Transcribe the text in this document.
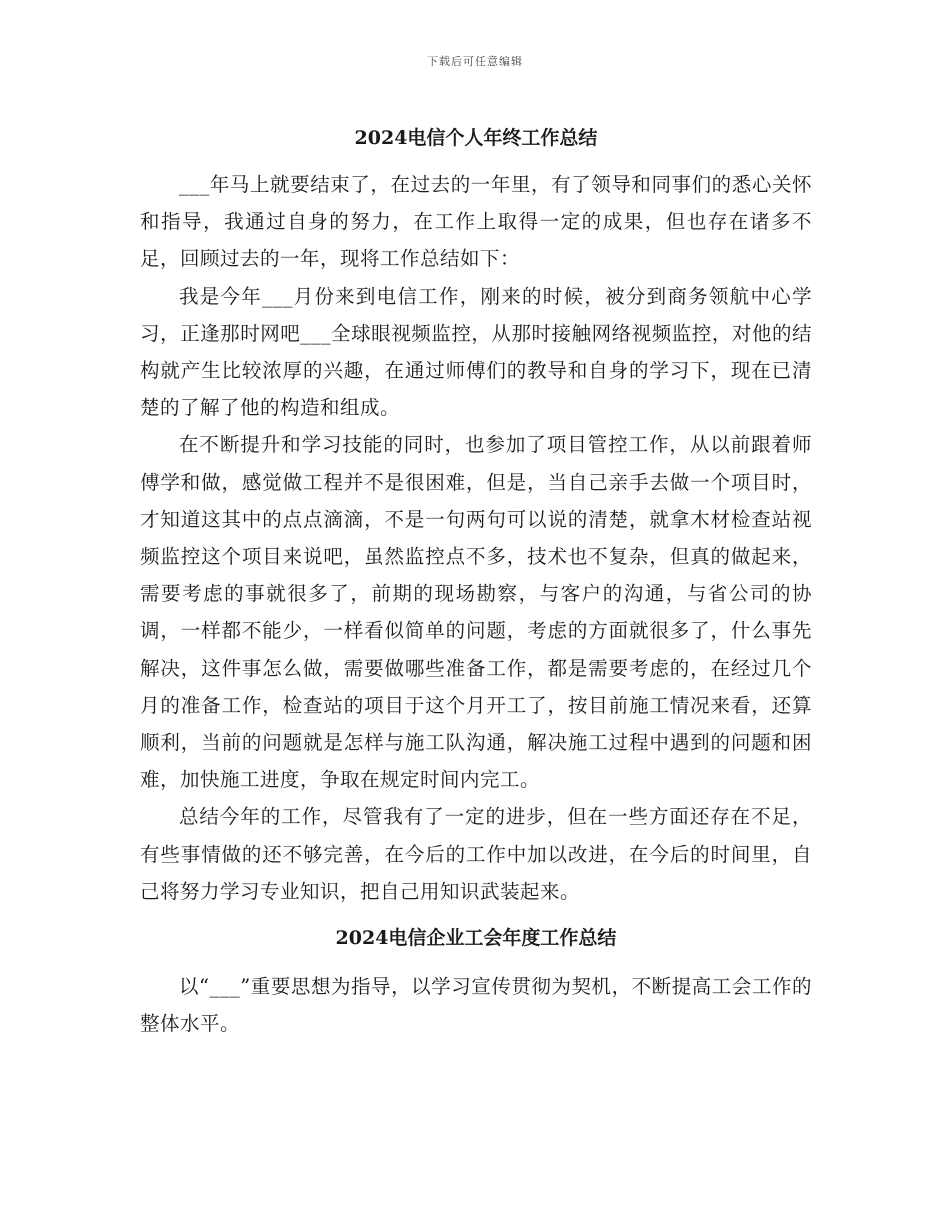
下载后可任意编辑
2024电信个人年终工作总结

___年马上就要结束了，在过去的一年里，有了领导和同事们的悉心关怀和指导，我通过自身的努力，在工作上取得一定的成果，但也存在诸多不足，回顾过去的一年，现将工作总结如下：

我是今年___月份来到电信工作，刚来的时候，被分到商务领航中心学习，正逢那时网吧___全球眼视频监控，从那时接触网络视频监控，对他的结构就产生比较浓厚的兴趣，在通过师傅们的教导和自身的学习下，现在已清楚的了解了他的构造和组成。

在不断提升和学习技能的同时，也参加了项目管控工作，从以前跟着师傅学和做，感觉做工程并不是很困难，但是，当自己亲手去做一个项目时，才知道这其中的点点滴滴，不是一句两句可以说的清楚，就拿木材检查站视频监控这个项目来说吧，虽然监控点不多，技术也不复杂，但真的做起来，需要考虑的事就很多了，前期的现场勘察，与客户的沟通，与省公司的协调，一样都不能少，一样看似简单的问题，考虑的方面就很多了，什么事先解决，这件事怎么做，需要做哪些准备工作，都是需要考虑的，在经过几个月的准备工作，检查站的项目于这个月开工了，按目前施工情况来看，还算顺利，当前的问题就是怎样与施工队沟通，解决施工过程中遇到的问题和困难，加快施工进度，争取在规定时间内完工。

总结今年的工作，尽管我有了一定的进步，但在一些方面还存在不足，有些事情做的还不够完善，在今后的工作中加以改进，在今后的时间里，自己将努力学习专业知识，把自己用知识武装起来。

2024电信企业工会年度工作总结

以“___”重要思想为指导，以学习宣传贯彻为契机，不断提高工会工作的整体水平。
